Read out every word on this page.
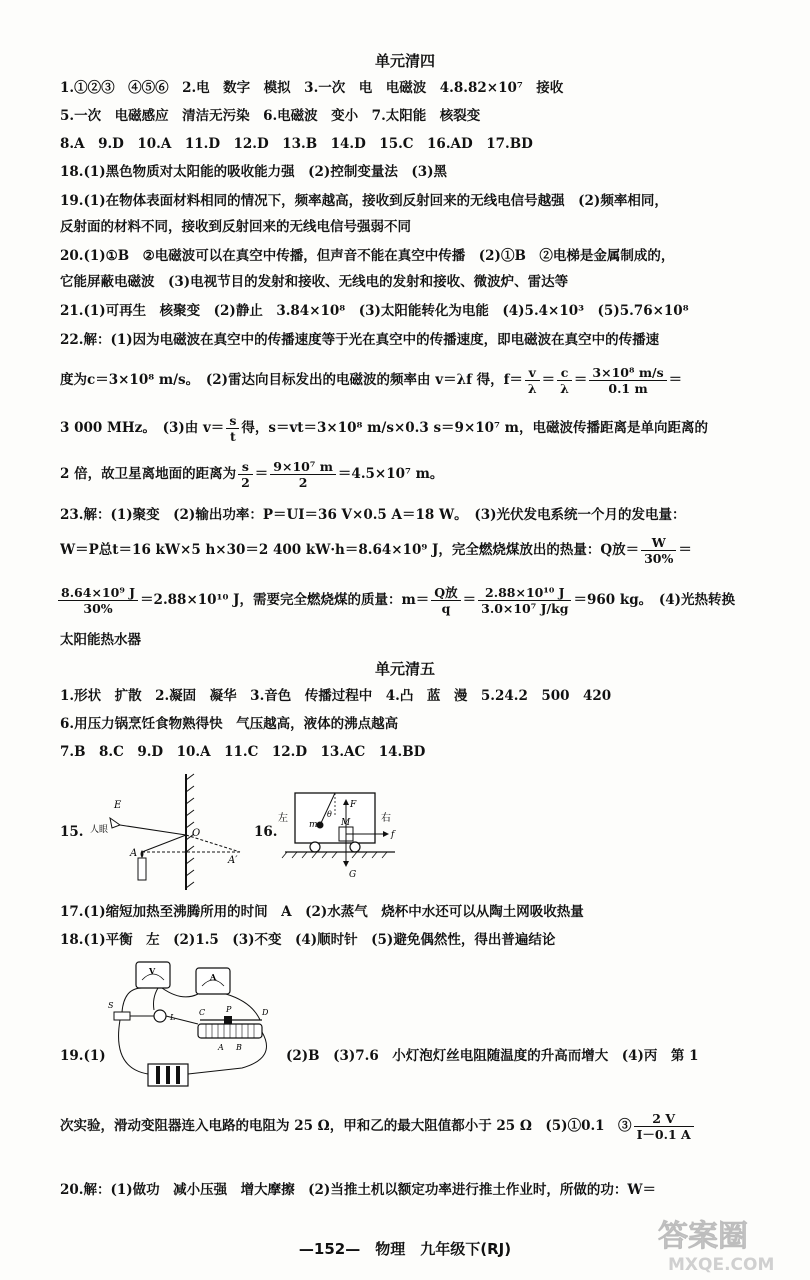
单元清四
1.①②③　④⑤⑥　2.电　数字　模拟　3.一次　电　电磁波　4.8.82×10⁷　接收
5.一次　电磁感应　清洁无污染　6.电磁波　变小　7.太阳能　核裂变
8.A　9.D　10.A　11.D　12.D　13.B　14.D　15.C　16.AD　17.BD
18.(1)黑色物质对太阳能的吸收能力强　(2)控制变量法　(3)黑
19.(1)在物体表面材料相同的情况下，频率越高，接收到反射回来的无线电信号越强　(2)频率相同，
反射面的材料不同，接收到反射回来的无线电信号强弱不同
20.(1)①B　②电磁波可以在真空中传播，但声音不能在真空中传播　(2)①B　②电梯是金属制成的，
它能屏蔽电磁波　(3)电视节目的发射和接收、无线电的发射和接收、微波炉、雷达等
21.(1)可再生　核聚变　(2)静止　3.84×10⁸　(3)太阳能转化为电能　(4)5.4×10³　(5)5.76×10⁸
22.解：(1)因为电磁波在真空中的传播速度等于光在真空中的传播速度，即电磁波在真空中的传播速
度为c＝3×10⁸ m/s。　(2)雷达向目标发出的电磁波的频率由 v＝λf 得，$f= \frac{v}{\lambda} = \frac{c}{\lambda} = \frac{\text{3×10⁸ m/s}}{0.1 m}$ ＝
3 000 MHz。　(3)由 $v= \frac{s}{t}$ 得，s＝vt＝3×10⁸ m/s×0.3 s＝9×10⁷ m，电磁波传播距离是单向距离的
2 倍，故卫星离地面的距离为 $\frac{s}{2} = \frac{\text{9×10⁷ m}}{2} =4.5\times 10^7$ m。
23.解：(1)聚变　(2)输出功率：P＝UI＝36 V×0.5 A＝18 W。　(3)光伏发电系统一个月的发电量：
W＝P总t＝16 kW×5 h×30＝2 400 kW·h＝8.64×10⁹ J，完全燃烧煤放出的热量：Q放＝ $\frac{W}{30\%}$ ＝
$\frac{\text{8.64×10⁹ J}}{30\%} =2.88\times 10^{10}$ J，需要完全燃烧煤的质量：$m= \frac{\text{Q放}}{q} = \frac{\text{2.88×10¹⁰ J}}{\text{3.0×10⁷ J/kg}} =960$ kg。　(4)光热转换
太阳能热水器
单元清五
1.形状　扩散　2.凝固　凝华　3.音色　传播过程中　4.凸　蓝　漫　5.24.2　500　420
6.用压力锅烹饪食物熟得快　气压越高，液体的沸点越高
7.B　8.C　9.D　10.A　11.C　12.D　13.AC　14.BD
15.
E
人眼	O
A
A′
16.
左	右
F
M
m
θ
f
G
17.(1)缩短加热至沸腾所用的时间　A　(2)水蒸气　烧杯中水还可以从陶土网吸收热量
18.(1)平衡　左　(2)1.5　(3)不变　(4)顺时针　(5)避免偶然性，得出普遍结论
19.(1)
V
A
L
S
C	P	D
A B
(2)B　(3)7.6　小灯泡灯丝电阻随温度的升高而增大　(4)丙　第 1
次实验，滑动变阻器连入电路的电阻为 25 Ω，甲和乙的最大阻值都小于 25 Ω　(5)①0.1　③ $\frac{2 V}{I-0.1 A}$
20.解：(1)做功　减小压强　增大摩擦　(2)当推土机以额定功率进行推土作业时，所做的功：W＝
—152—　物理　九年级下(RJ)	答案圈
MXQE.COM
